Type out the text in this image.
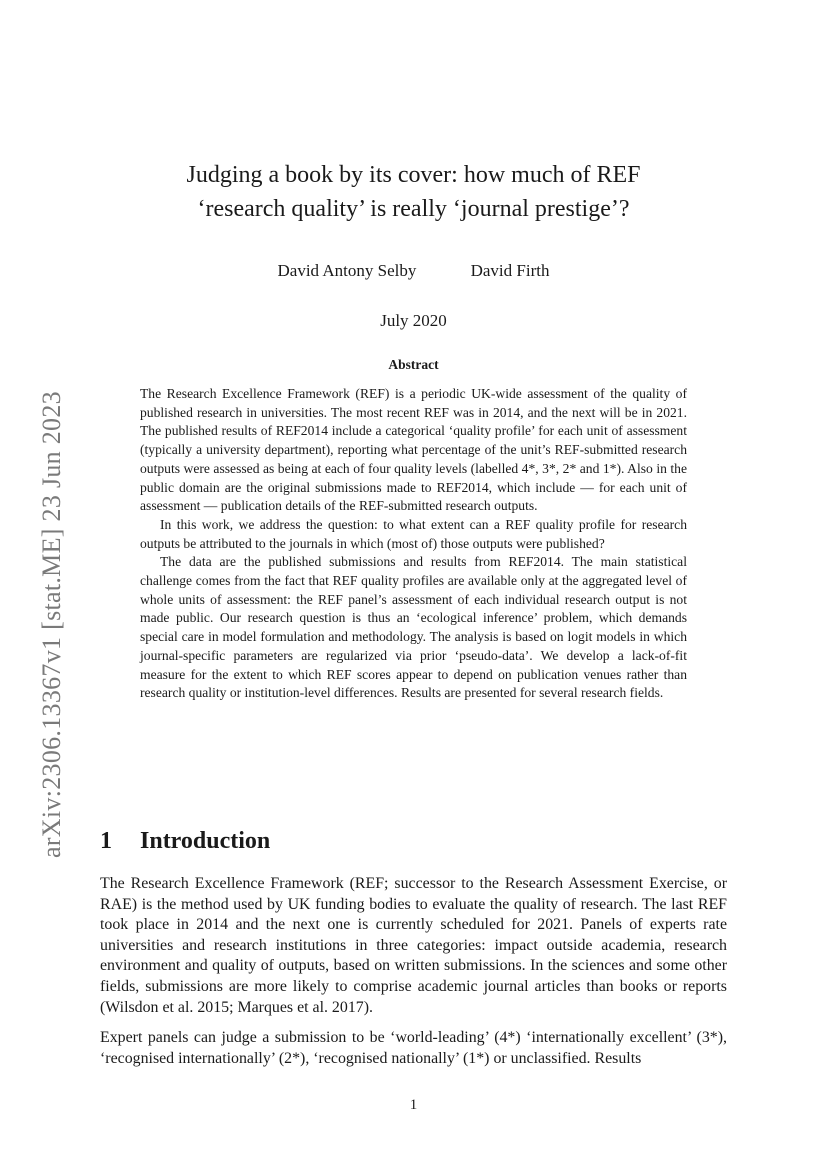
arXiv:2306.13367v1 [stat.ME] 23 Jun 2023
Judging a book by its cover: how much of REF
‘research quality’ is really ‘journal prestige’?
David Antony Selby	David Firth
July 2020
Abstract

The Research Excellence Framework (REF) is a periodic UK-wide assessment of the quality of published research in universities. The most recent REF was in 2014, and the next will be in 2021. The published results of REF2014 include a categorical ‘quality profile’ for each unit of assessment (typically a university department), reporting what percentage of the unit’s REF-submitted research outputs were assessed as being at each of four quality levels (labelled 4*, 3*, 2* and 1*). Also in the public domain are the original submissions made to REF2014, which include — for each unit of assessment — publication details of the REF-submitted research outputs.

In this work, we address the question: to what extent can a REF quality profile for research outputs be attributed to the journals in which (most of) those outputs were published?

The data are the published submissions and results from REF2014. The main statistical challenge comes from the fact that REF quality profiles are available only at the aggregated level of whole units of assessment: the REF panel’s assessment of each individual research output is not made public. Our research question is thus an ‘ecological inference’ problem, which demands special care in model formulation and methodology. The analysis is based on logit models in which journal-specific parameters are regularized via prior ‘pseudo-data’. We develop a lack-of-fit measure for the extent to which REF scores appear to depend on publication venues rather than research quality or institution-level differences. Results are presented for several research fields.

1 Introduction

The Research Excellence Framework (REF; successor to the Research Assessment Exercise, or RAE) is the method used by UK funding bodies to evaluate the quality of research. The last REF took place in 2014 and the next one is currently scheduled for 2021. Panels of experts rate universities and research institutions in three categories: impact outside academia, research environment and quality of outputs, based on written submissions. In the sciences and some other fields, submissions are more likely to comprise academic journal articles than books or reports (Wilsdon et al. 2015; Marques et al. 2017).

Expert panels can judge a submission to be ‘world-leading’ (4*) ‘internationally excellent’ (3*), ‘recognised internationally’ (2*), ‘recognised nationally’ (1*) or unclassified. Results

1
